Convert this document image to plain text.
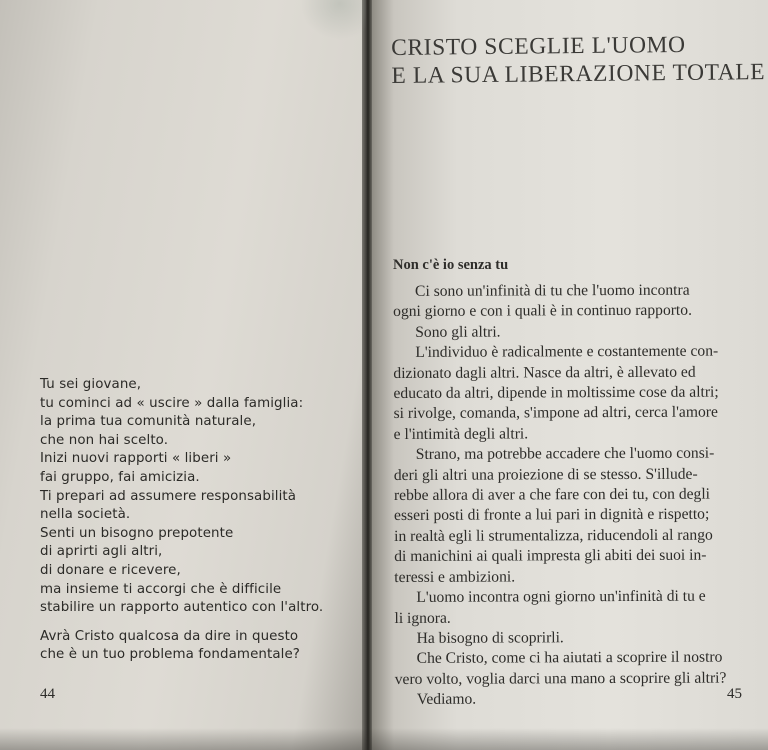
Tu sei giovane,
tu cominci ad « uscire » dalla famiglia:
la prima tua comunità naturale,
che non hai scelto.
Inizi nuovi rapporti « liberi »
fai gruppo, fai amicizia.
Ti prepari ad assumere responsabilità
nella società.
Senti un bisogno prepotente
di aprirti agli altri,
di donare e ricevere,
ma insieme ti accorgi che è difficile
stabilire un rapporto autentico con l'altro.
Avrà Cristo qualcosa da dire in questo
che è un tuo problema fondamentale?
44
CRISTO SCEGLIE L'UOMO
E LA SUA LIBERAZIONE TOTALE
Non c'è io senza tu
Ci sono un'infinità di tu che l'uomo incontra
ogni giorno e con i quali è in continuo rapporto.
Sono gli altri.
L'individuo è radicalmente e costantemente con-
dizionato dagli altri. Nasce da altri, è allevato ed
educato da altri, dipende in moltissime cose da altri;
si rivolge, comanda, s'impone ad altri, cerca l'amore
e l'intimità degli altri.
Strano, ma potrebbe accadere che l'uomo consi-
deri gli altri una proiezione di se stesso. S'illude-
rebbe allora di aver a che fare con dei tu, con degli
esseri posti di fronte a lui pari in dignità e rispetto;
in realtà egli li strumentalizza, riducendoli al rango
di manichini ai quali impresta gli abiti dei suoi in-
teressi e ambizioni.
L'uomo incontra ogni giorno un'infinità di tu e
li ignora.
Ha bisogno di scoprirli.
Che Cristo, come ci ha aiutati a scoprire il nostro
vero volto, voglia darci una mano a scoprire gli altri?
Vediamo.	45
